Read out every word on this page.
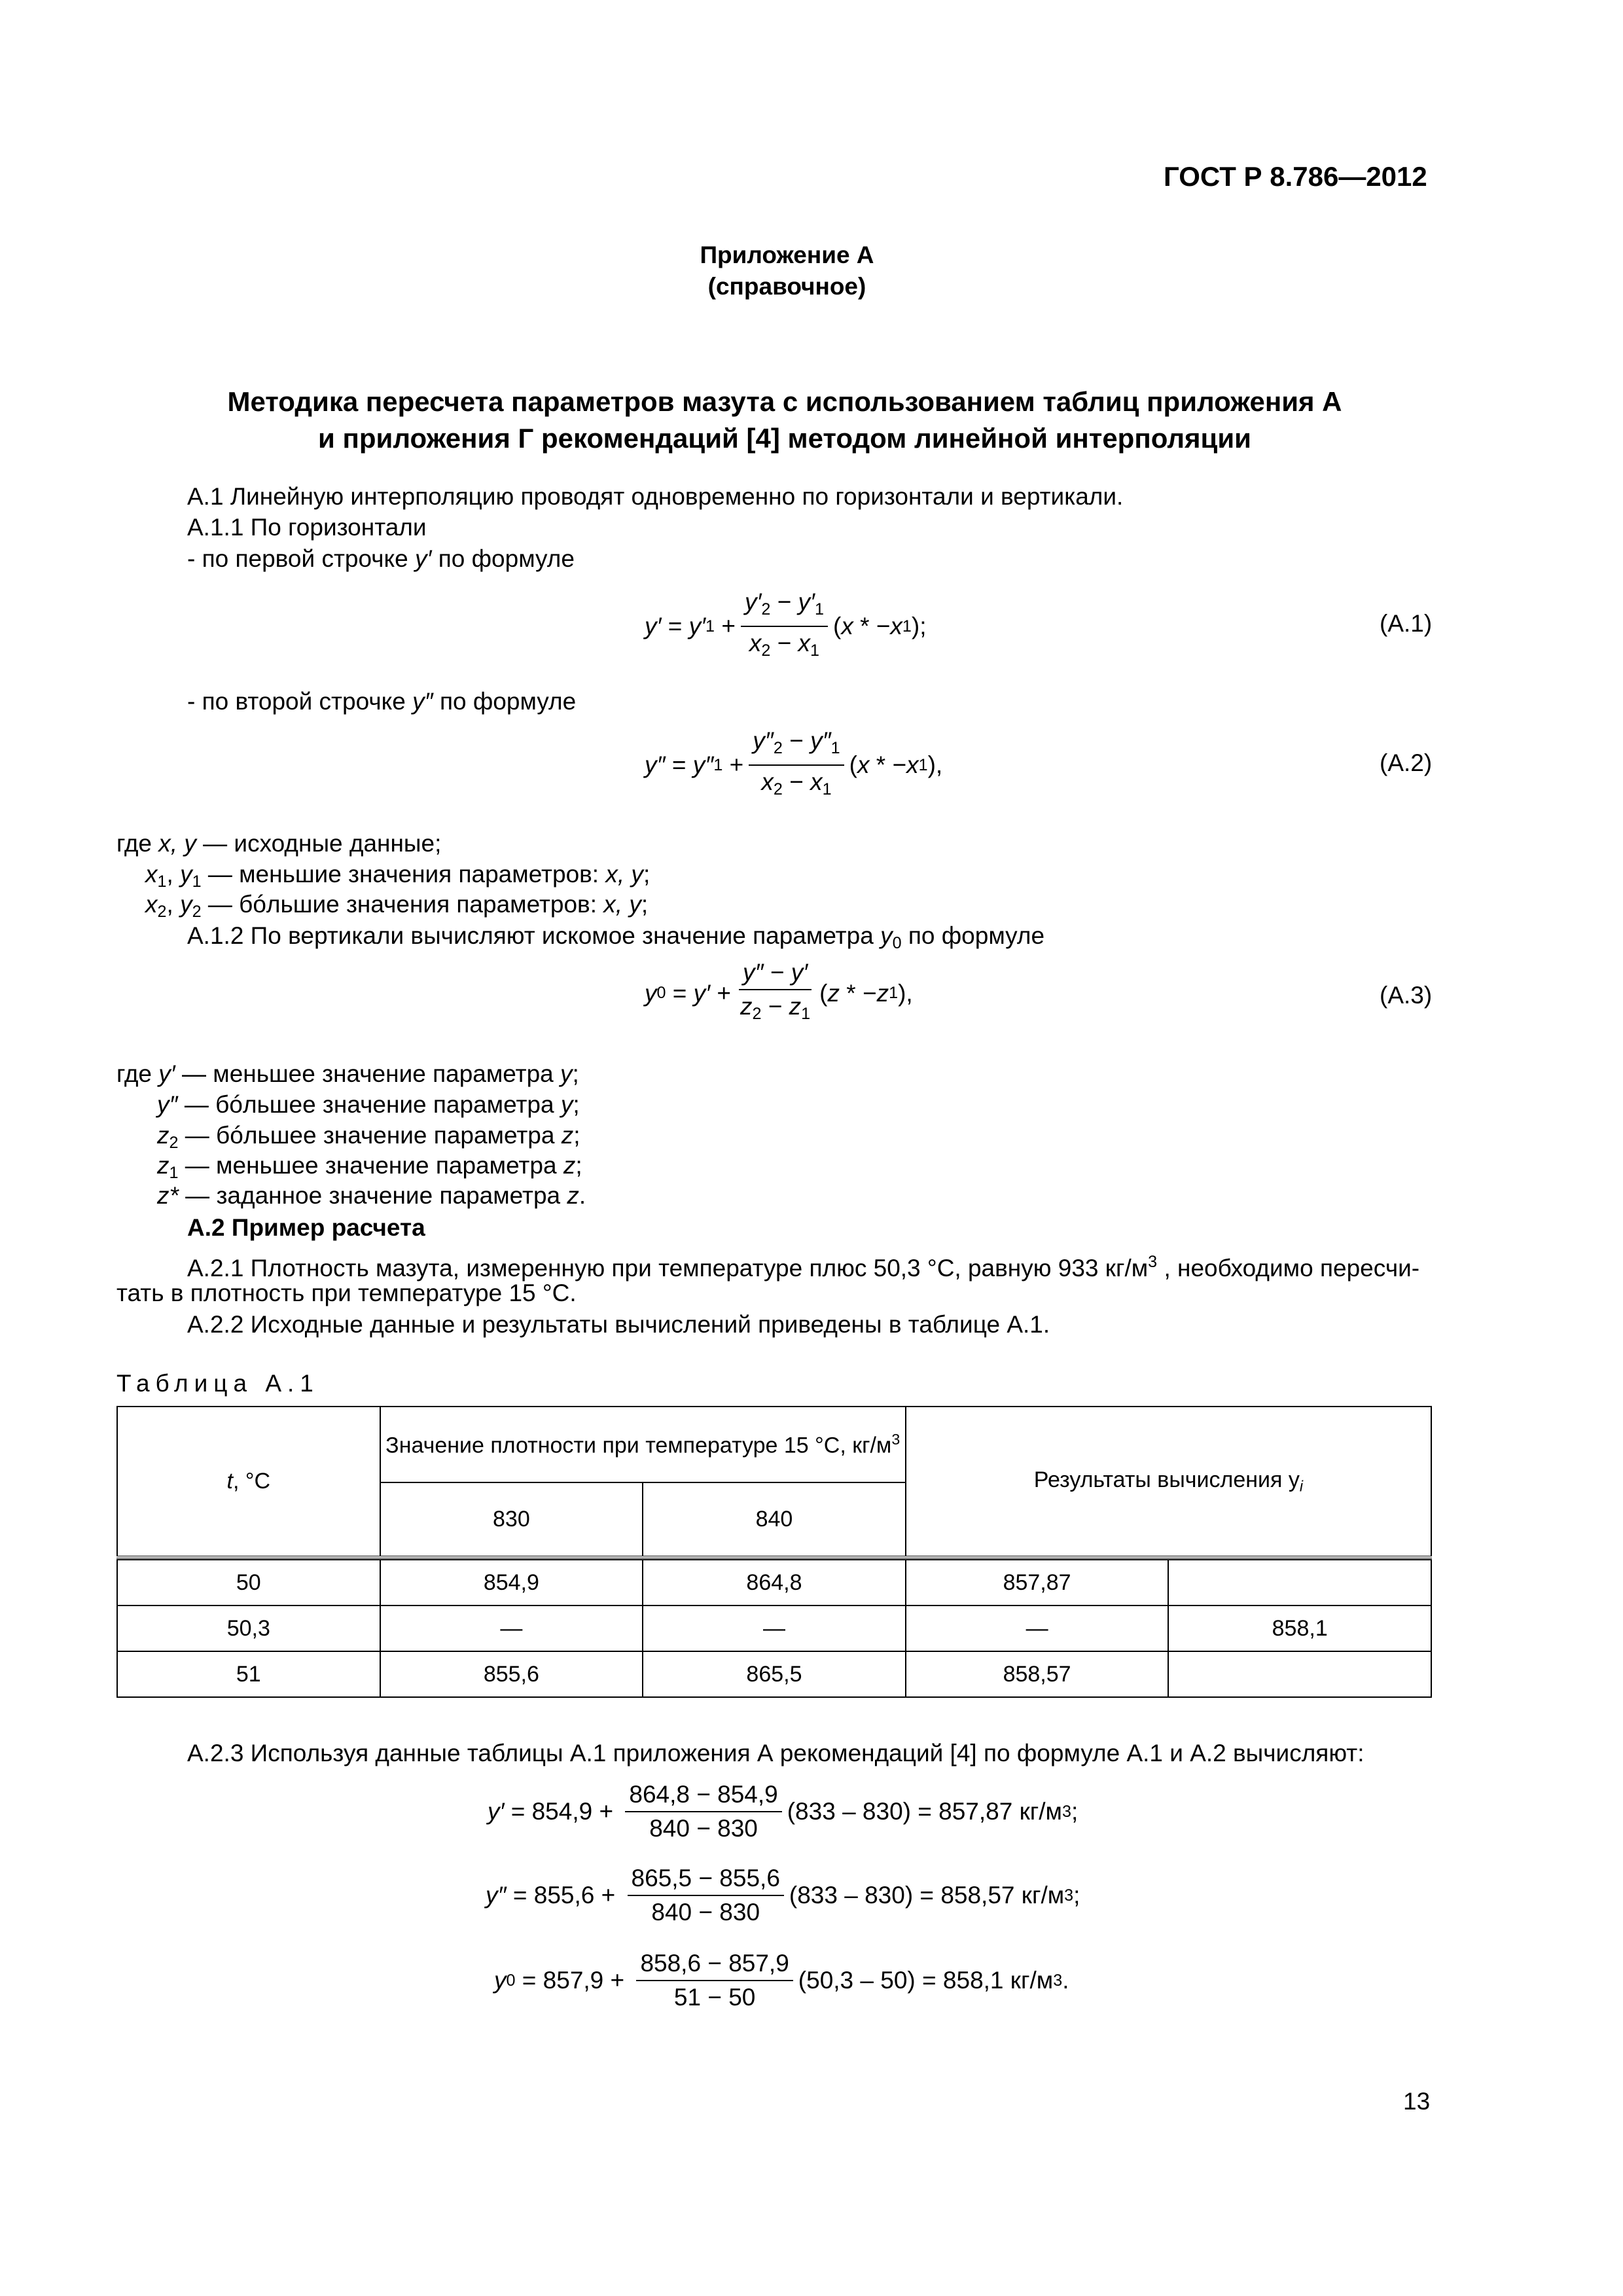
ГОСТ Р 8.786—2012
Приложение А
(справочное)
Методика пересчета параметров мазута с использованием таблиц приложения А
и приложения Г рекомендаций [4] методом линейной интерполяции
А.1 Линейную интерполяцию проводят одновременно по горизонтали и вертикали.
А.1.1 По горизонтали
- по первой строчке y′ по формуле
y′ = y′ $1 + \frac{y'_2 - y'_1}{x_2 - x_1}$ ( x * − x 1 );	(А.1)
- по второй строчке y″ по формуле
y″ = y″ $1 + \frac{y''_2 - y''_1}{x_2 - x_1}$ ( x * − x 1 ),	(А.2)
где x, y — исходные данные;
$x_1$, $y_1$ — меньшие значения параметров: x, y;
$x_2$, $y_2$ — бóльшие значения параметров: x, y;
А.1.2 По вертикали вычисляют искомое значение параметра $y_0$ по формуле
y $0 = y' + \frac{y'' - y'}{z_2 - z_1}$ ( z * − z 1 ),	(А.3)
где y′ — меньшее значение параметра y;
y″ — бóльшее значение параметра y;
$z_2$ — бóльшее значение параметра z;
$z_1$ — меньшее значение параметра z;
z* — заданное значение параметра z.
А.2 Пример расчета
А.2.1 Плотность мазута, измеренную при температуре плюс 50,3 °С, равную 933 $кг/м^3$ , необходимо пересчи-
тать в плотность при температуре 15 °С.
А.2.2 Исходные данные и результаты вычислений приведены в таблице А.1.
Таблица А.1
t, °С	Значение плотности при температуре 15 °С, $кг/м^3$		Результаты вычисления $y_i$
	830	840		

50	854,9	864,8	857,87	
50,3	—	—	—	858,1
51	855,6	865,5	858,57	
А.2.3 Используя данные таблицы А.1 приложения А рекомендаций [4] по формуле А.1 и А.2 вычисляют:
$y' = 854,9 + \frac{864,8 - 854,9}{840 - 830} (833 - 830) = 857,87$ кг/м 3 ;
$y'' = 855,6 + \frac{865,5 - 855,6}{840 - 830} (833 - 830) = 858,57$ кг/м 3 ;
y $0 = 857,9 + \frac{858,6 - 857,9}{51 - 50} (50,3 - 50) = 858,1$ кг/м 3 .
13
